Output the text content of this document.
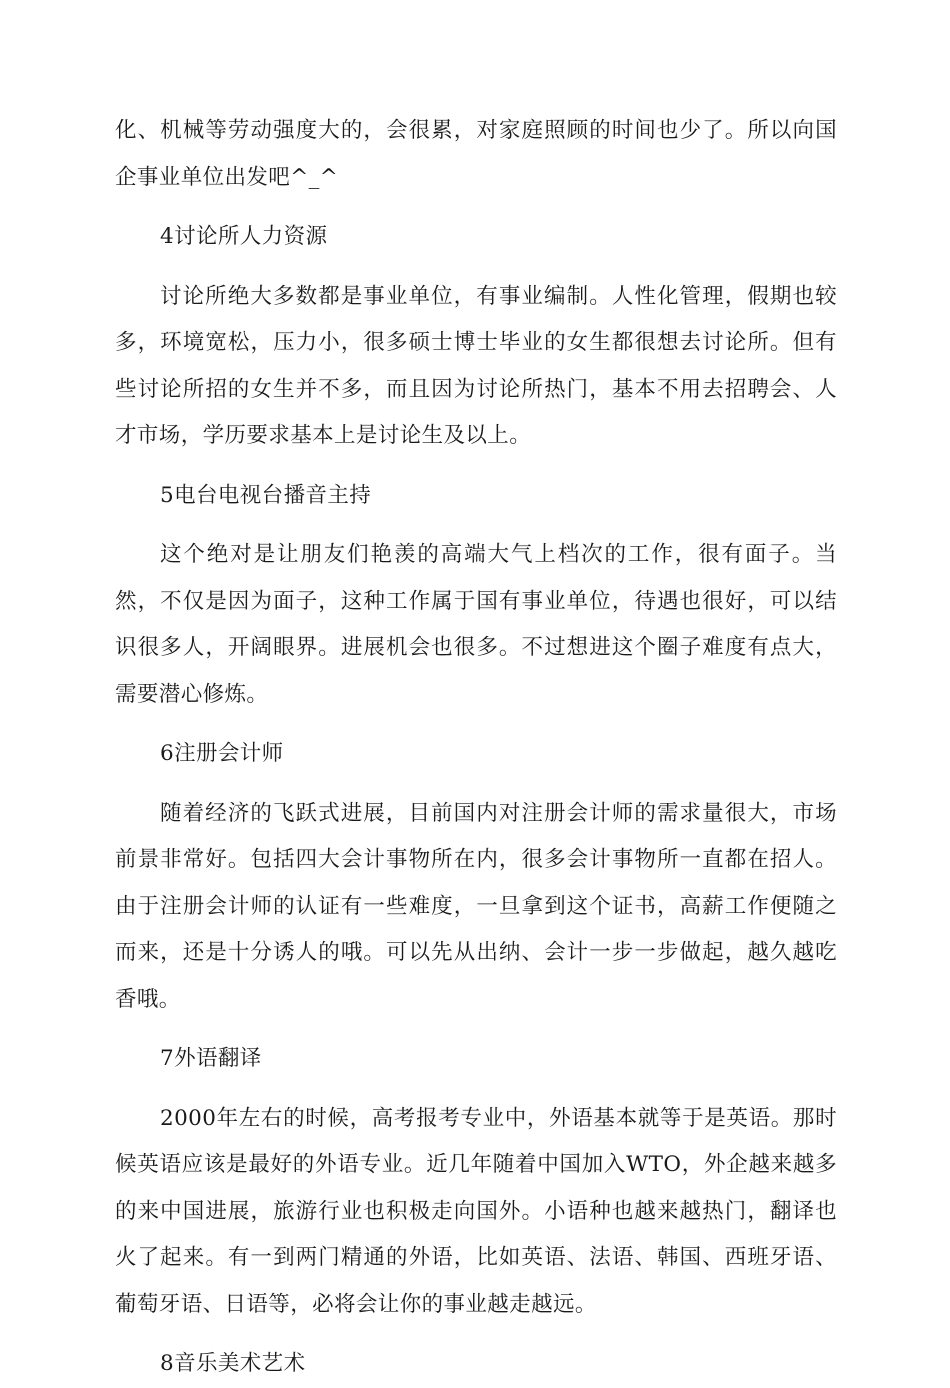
化、机械等劳动强度大的，会很累，对家庭照顾的时间也少了。所以向国企事业单位出发吧^_^

4讨论所人力资源

讨论所绝大多数都是事业单位，有事业编制。人性化管理，假期也较多，环境宽松，压力小，很多硕士博士毕业的女生都很想去讨论所。但有些讨论所招的女生并不多，而且因为讨论所热门，基本不用去招聘会、人才市场，学历要求基本上是讨论生及以上。

5电台电视台播音主持

这个绝对是让朋友们艳羡的高端大气上档次的工作，很有面子。当然，不仅是因为面子，这种工作属于国有事业单位，待遇也很好，可以结识很多人，开阔眼界。进展机会也很多。不过想进这个圈子难度有点大，需要潜心修炼。

6注册会计师

随着经济的飞跃式进展，目前国内对注册会计师的需求量很大，市场前景非常好。包括四大会计事物所在内，很多会计事物所一直都在招人。由于注册会计师的认证有一些难度，一旦拿到这个证书，高薪工作便随之而来，还是十分诱人的哦。可以先从出纳、会计一步一步做起，越久越吃香哦。

7外语翻译

2000年左右的时候，高考报考专业中，外语基本就等于是英语。那时候英语应该是最好的外语专业。近几年随着中国加入WTO，外企越来越多的来中国进展，旅游行业也积极走向国外。小语种也越来越热门，翻译也火了起来。有一到两门精通的外语，比如英语、法语、韩国、西班牙语、葡萄牙语、日语等，必将会让你的事业越走越远。

8音乐美术艺术
